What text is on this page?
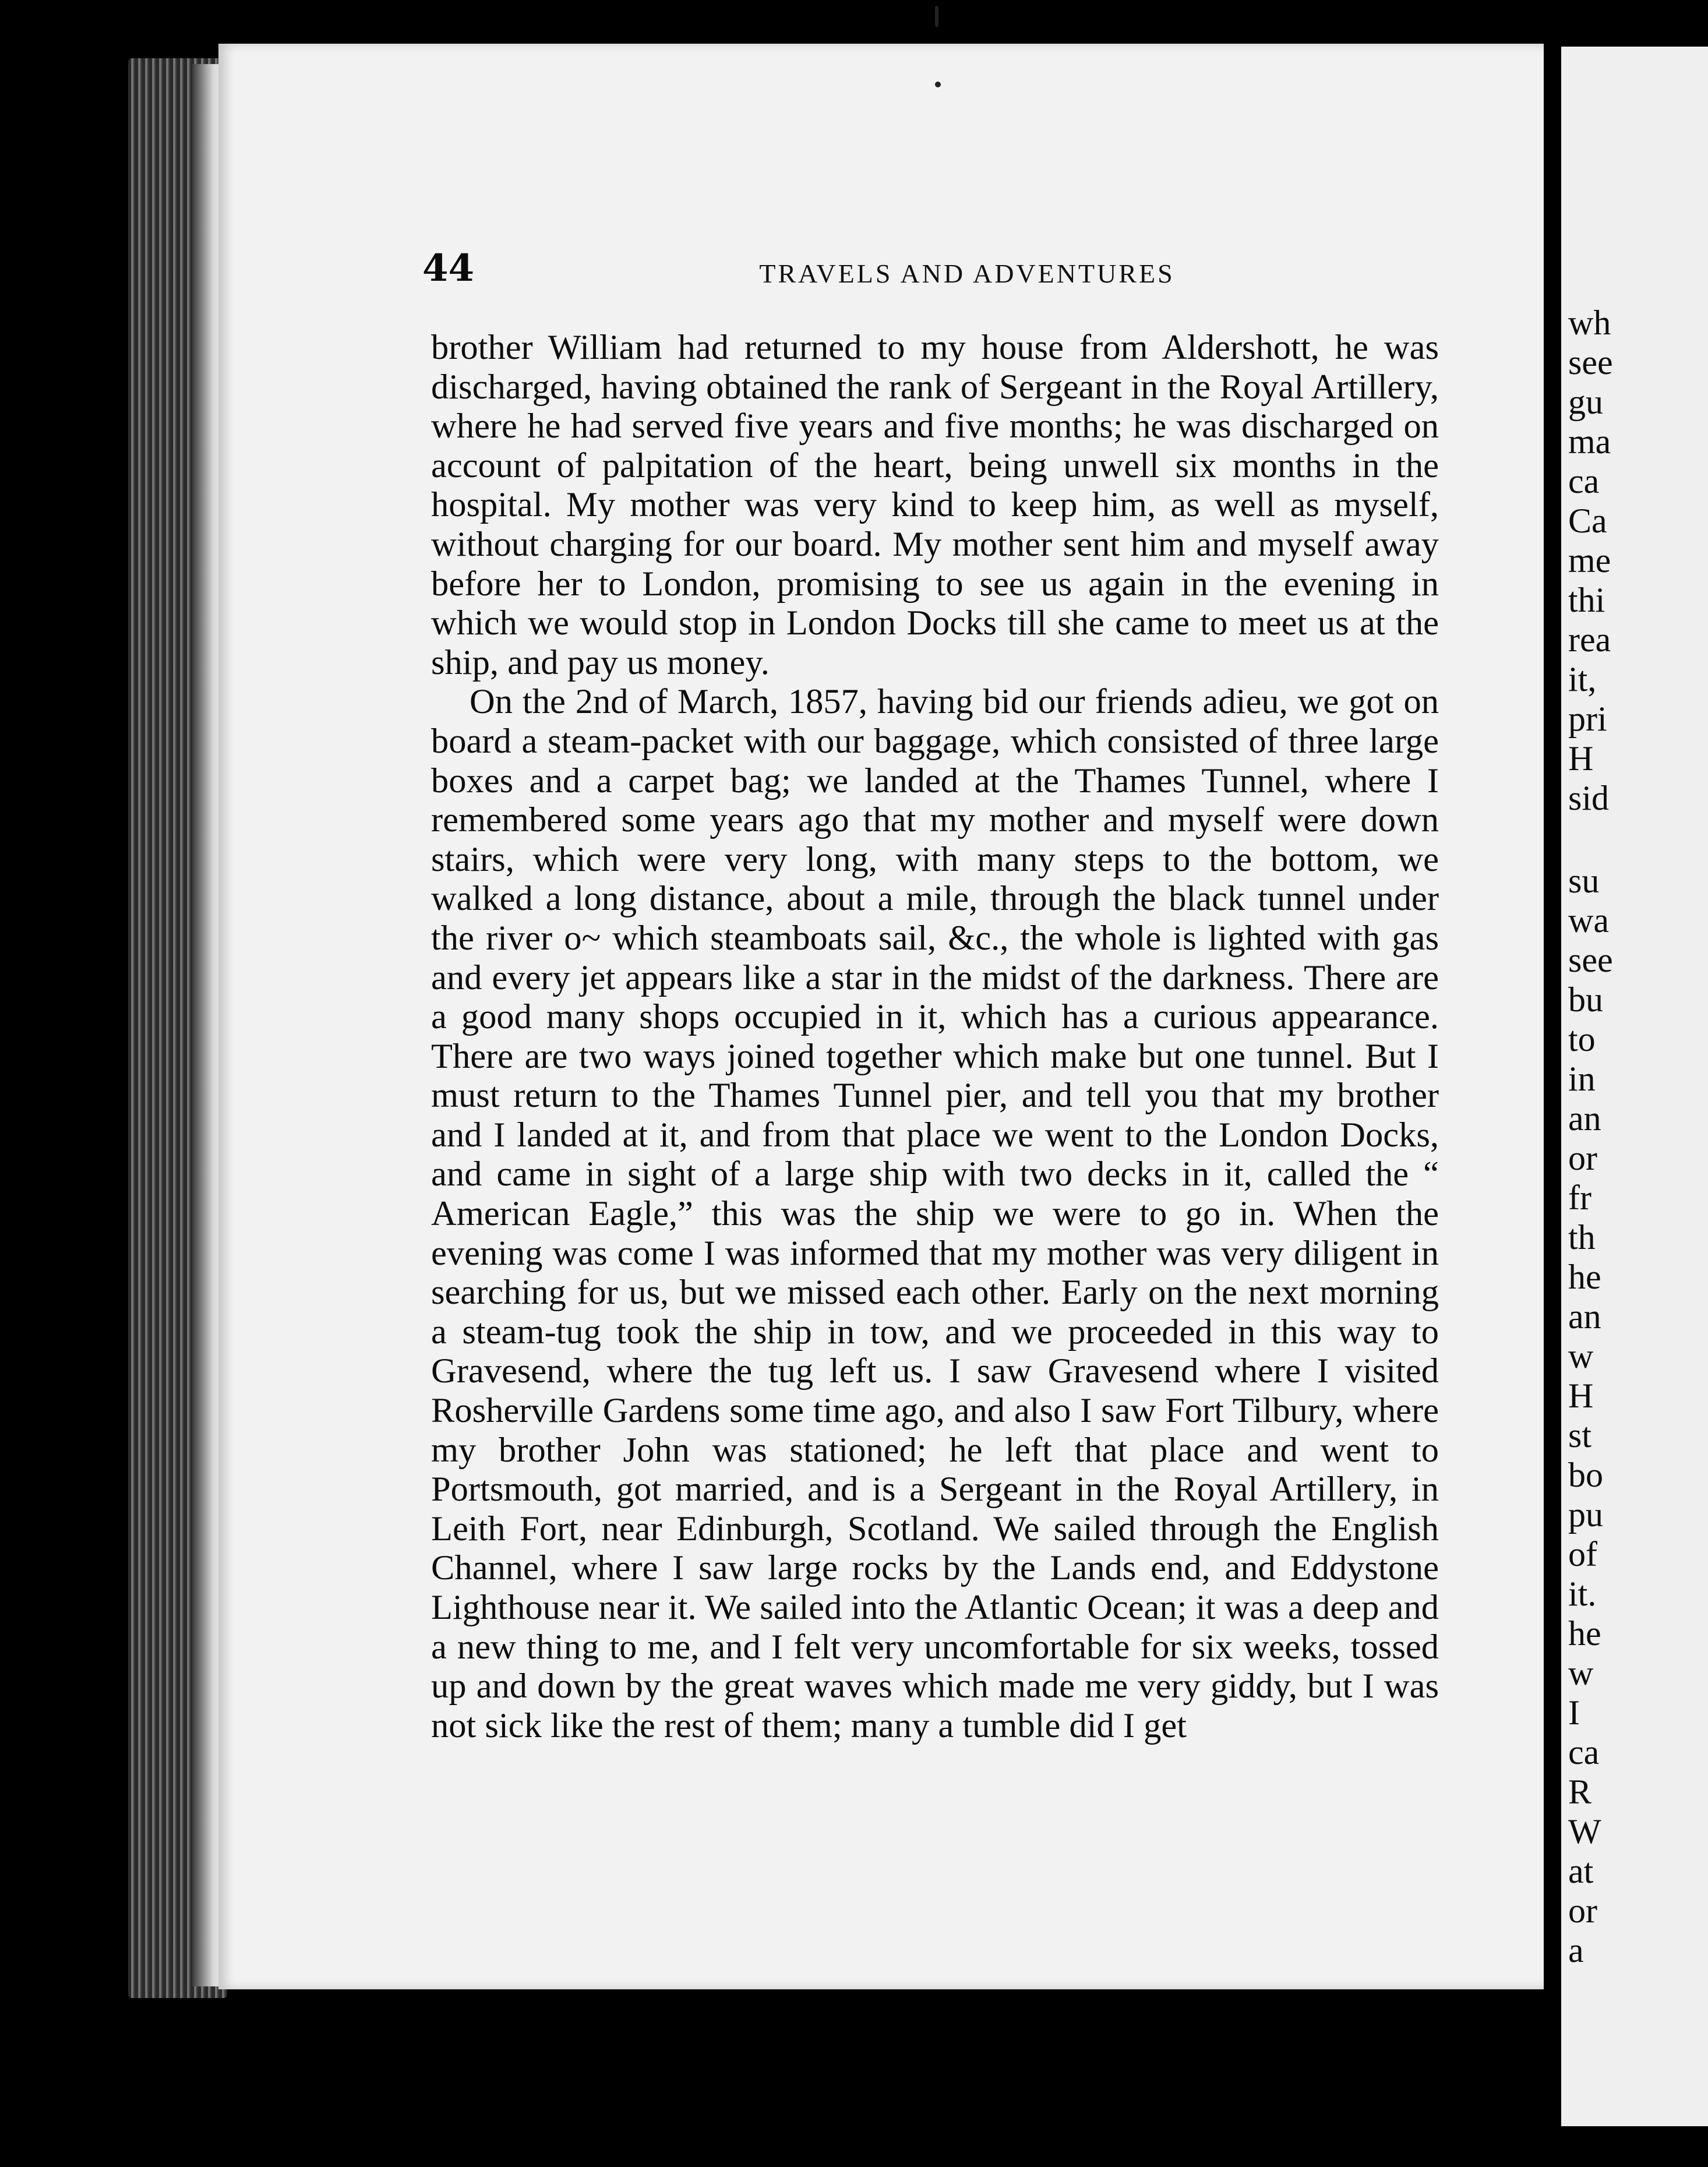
44	TRAVELS AND ADVENTURES

brother William had returned to my house from Aldershott, he was discharged, having obtained the rank of Sergeant in the Royal Artillery, where he had served five years and five months; he was discharged on account of palpitation of the heart, being unwell six months in the hospital. My mother was very kind to keep him, as well as myself, without charging for our board. My mother sent him and myself away before her to London, promising to see us again in the evening in which we would stop in London Docks till she came to meet us at the ship, and pay us money.

On the 2nd of March, 1857, having bid our friends adieu, we got on board a steam-packet with our baggage, which consisted of three large boxes and a carpet bag; we landed at the Thames Tunnel, where I remembered some years ago that my mother and myself were down stairs, which were very long, with many steps to the bottom, we walked a long distance, about a mile, through the black tunnel under the river o~ which steamboats sail, &c., the whole is lighted with gas and every jet appears like a star in the midst of the darkness. There are a good many shops occupied in it, which has a curious appearance. There are two ways joined together which make but one tunnel. But I must return to the Thames Tunnel pier, and tell you that my brother and I landed at it, and from that place we went to the London Docks, and came in sight of a large ship with two decks in it, called the “ American Eagle,” this was the ship we were to go in. When the evening was come I was informed that my mother was very diligent in searching for us, but we missed each other. Early on the next morning a steam-tug took the ship in tow, and we proceeded in this way to Gravesend, where the tug left us. I saw Gravesend where I visited Rosherville Gardens some time ago, and also I saw Fort Tilbury, where my brother John was stationed; he left that place and went to Portsmouth, got married, and is a Sergeant in the Royal Artillery, in Leith Fort, near Edinburgh, Scotland. We sailed through the English Channel, where I saw large rocks by the Lands end, and Eddystone Lighthouse near it. We sailed into the Atlantic Ocean; it was a deep and a new thing to me, and I felt very uncomfortable for six weeks, tossed up and down by the great waves which made me very giddy, but I was not sick like the rest of them; many a tumble did I get

wh
see
gu
ma
ca
Ca
me
thi
rea
it,
pri
H
sid
su
wa
see
bu
to
in
an
or
fr
th
he
an
w
H
st
bo
pu
of
it.
he
w
I
ca
R
W
at
or
a
